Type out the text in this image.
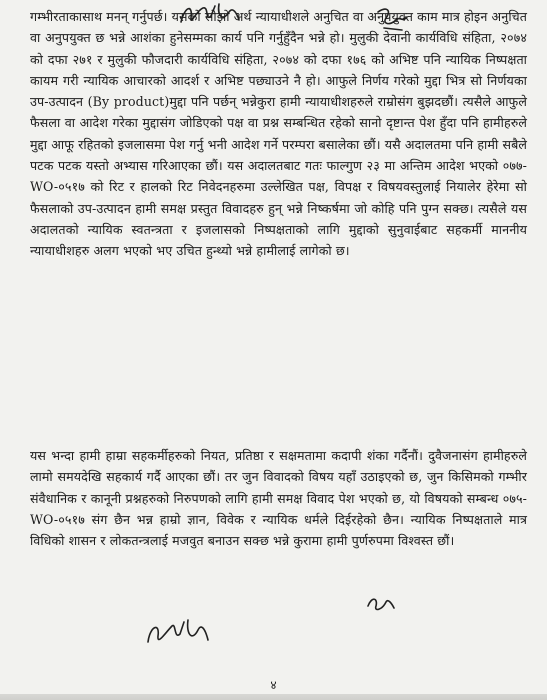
गम्भीरताकासाथ मनन् गर्नुपर्छ। यसको सोझो अर्थ न्यायाधीशले अनुचित वा अनुपयुक्त काम मात्र होइन अनुचित वा अनुपयुक्त छ भन्ने आशंका हुनेसम्मका कार्य पनि गर्नुहुँदैन भन्ने हो। मुलुकी देवानी कार्यविधि संहिता, २०७४ को दफा २७१ र मुलुकी फौजदारी कार्यविधि संहिता, २०७४ को दफा १७६ को अभिष्ट पनि न्यायिक निष्पक्षता कायम गरी न्यायिक आचारको आदर्श र अभिष्ट पछ्याउने नै हो। आफुले निर्णय गरेको मुद्दा भित्र सो निर्णयका उप-उत्पादन (By product)मुद्दा पनि पर्छन् भन्नेकुरा हामी न्यायाधीशहरुले राम्रोसंग बुझदछौं। त्यसैले आफुले फैसला वा आदेश गरेका मुद्दासंग जोडिएको पक्ष वा प्रश्न सम्बन्धित रहेको सानो दृष्टान्त पेश हुँदा पनि हामीहरुले मुद्दा आफू रहितको इजलासमा पेश गर्नु भनी आदेश गर्ने परम्परा बसालेका छौं। यसै अदालतमा पनि हामी सबैले पटक पटक यस्तो अभ्यास गरिआएका छौं। यस अदालतबाट गतः फाल्गुण २३ मा अन्तिम आदेश भएको ०७७-WO-०५१७ को रिट र हालको रिट निवेदनहरुमा उल्लेखित पक्ष, विपक्ष र विषयवस्तुलाई नियालेर हेरेमा सो फैसलाको उप-उत्पादन हामी समक्ष प्रस्तुत विवादहरु हुन् भन्ने निष्कर्षमा जो कोहि पनि पुग्न सक्छ। त्यसैले यस अदालतको न्यायिक स्वतन्त्रता र इजलासको निष्पक्षताको लागि मुद्दाको सुनुवाईबाट सहकर्मी माननीय न्यायाधीशहरु अलग भएको भए उचित हुन्थ्यो भन्ने हामीलाई लागेको छ।

यस भन्दा हामी हाम्रा सहकर्मीहरुको नियत, प्रतिष्ठा र सक्षमतामा कदापी शंका गर्दैनौं। दुवैजनासंग हामीहरुले लामो समयदेखि सहकार्य गर्दै आएका छौं। तर जुन विवादको विषय यहाँ उठाइएको छ, जुन किसिमको गम्भीर संवैधानिक र कानूनी प्रश्नहरुको निरुपणको लागि हामी समक्ष विवाद पेश भएको छ, यो विषयको सम्बन्ध ०७५-WO-०५१७ संग छैन भन्न हाम्रो ज्ञान, विवेक र न्यायिक धर्मले दिईरहेको छैन। न्यायिक निष्पक्षताले मात्र विधिको शासन र लोकतन्त्रलाई मजवुत बनाउन सक्छ भन्ने कुरामा हामी पुर्णरुपमा विश्वस्त छौं।

४
